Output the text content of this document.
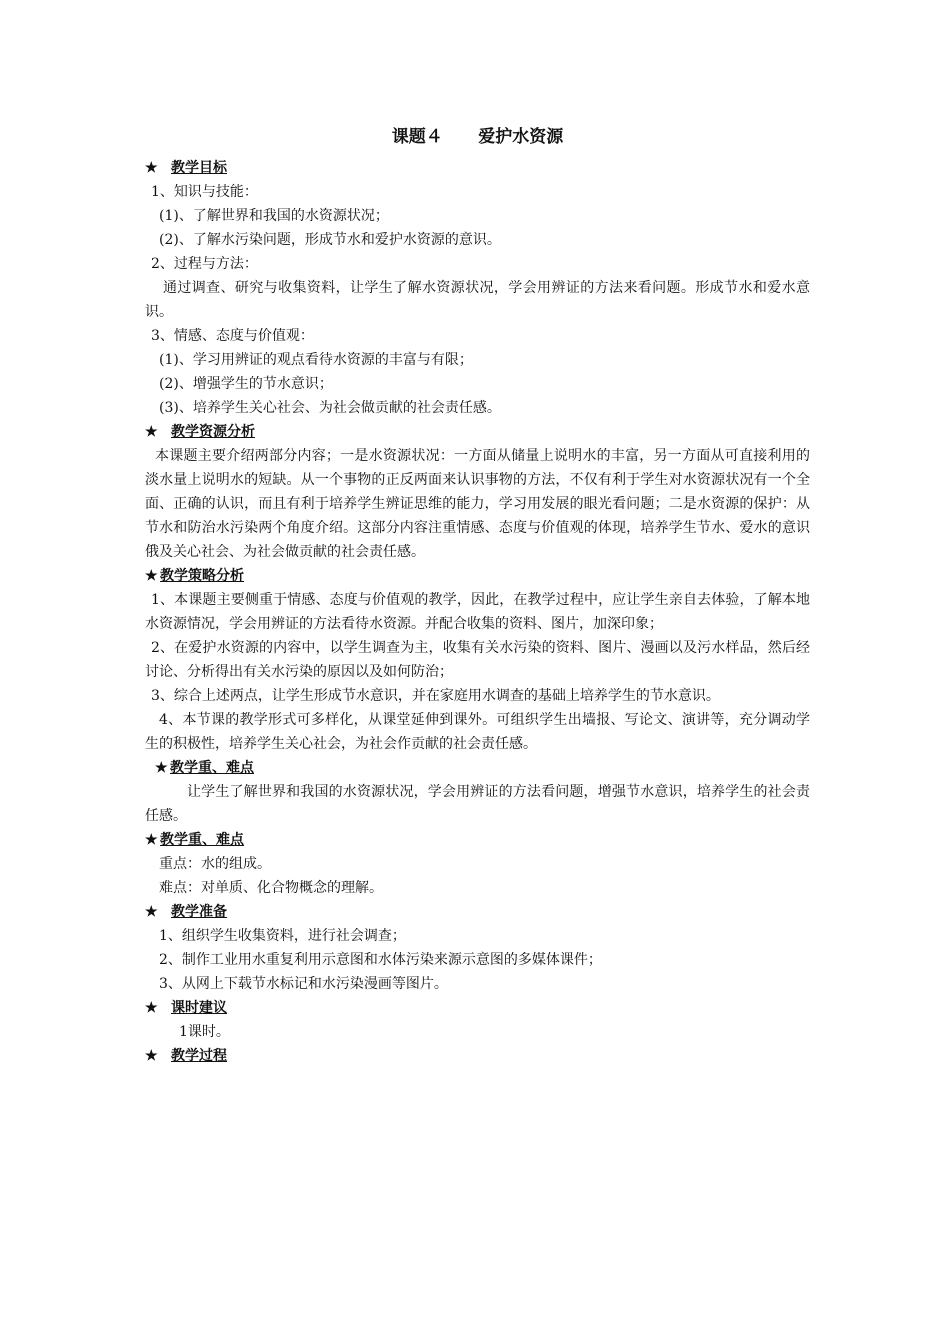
课题４      爱护水资源
★ 教学目标
1、知识与技能：
(1)、了解世界和我国的水资源状况；
(2)、了解水污染问题，形成节水和爱护水资源的意识。
2、过程与方法：
通过调查、研究与收集资料，让学生了解水资源状况，学会用辨证的方法来看问题。形成节水和爱水意识。
3、情感、态度与价值观：
(1)、学习用辨证的观点看待水资源的丰富与有限；
(2)、增强学生的节水意识；
(3)、培养学生关心社会、为社会做贡献的社会责任感。
★ 教学资源分析
本课题主要介绍两部分内容；一是水资源状况：一方面从储量上说明水的丰富，另一方面从可直接利用的淡水量上说明水的短缺。从一个事物的正反两面来认识事物的方法，不仅有利于学生对水资源状况有一个全面、正确的认识，而且有利于培养学生辨证思维的能力，学习用发展的眼光看问题；二是水资源的保护：从节水和防治水污染两个角度介绍。这部分内容注重情感、态度与价值观的体现，培养学生节水、爱水的意识俄及关心社会、为社会做贡献的社会责任感。
★ 教学策略分析
1、本课题主要侧重于情感、态度与价值观的教学，因此，在教学过程中，应让学生亲自去体验，了解本地水资源情况，学会用辨证的方法看待水资源。并配合收集的资料、图片，加深印象；
2、在爱护水资源的内容中，以学生调查为主，收集有关水污染的资料、图片、漫画以及污水样品，然后经讨论、分析得出有关水污染的原因以及如何防治；
3、综合上述两点，让学生形成节水意识，并在家庭用水调查的基础上培养学生的节水意识。
4、本节课的教学形式可多样化，从课堂延伸到课外。可组织学生出墙报、写论文、演讲等，充分调动学生的积极性，培养学生关心社会，为社会作贡献的社会责任感。
★ 教学重、难点
让学生了解世界和我国的水资源状况，学会用辨证的方法看问题，增强节水意识，培养学生的社会责任感。
★ 教学重、难点
重点：水的组成。
难点：对单质、化合物概念的理解。
★ 教学准备
1、组织学生收集资料，进行社会调查；
2、制作工业用水重复利用示意图和水体污染来源示意图的多媒体课件；
3、从网上下载节水标记和水污染漫画等图片。
★ 课时建议
1课时。
★ 教学过程
